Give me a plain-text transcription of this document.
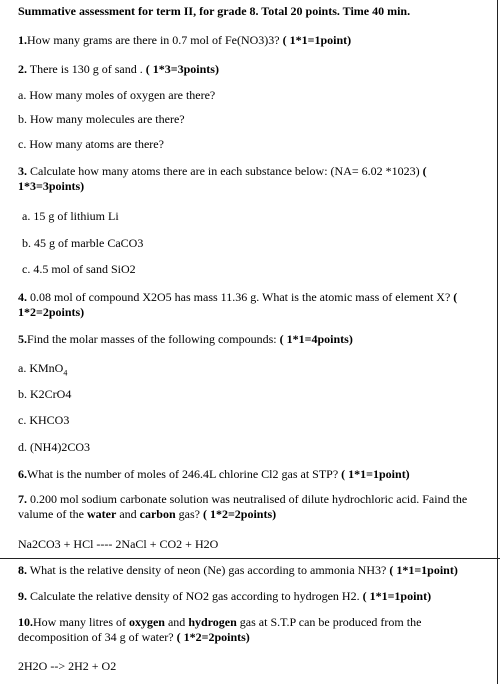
Summative assessment for term II, for grade 8. Total 20 points. Time 40 min.
1.How many grams are there in 0.7 mol of Fe(NO3)3? ( 1*1=1point)
2. There is 130 g of sand . ( 1*3=3points)
a. How many moles of oxygen are there?
b. How many molecules are there?
c. How many atoms are there?
3. Calculate how many atoms there are in each substance below: (NA= 6.02 *1023) ( 1*3=3points)
a. 15 g of lithium Li
b. 45 g of marble CaCO3
c. 4.5 mol of sand SiO2
4. 0.08 mol of compound X2O5 has mass 11.36 g. What is the atomic mass of element X? ( 1*2=2points)
5.Find the molar masses of the following compounds: ( 1*1=4points)
a. KMnO$_4$
b. K2CrO4
c. KHCO3
d. (NH4)2CO3
6.What is the number of moles of 246.4L chlorine Cl2 gas at STP? ( 1*1=1point)
7. 0.200 mol sodium carbonate solution was neutralised of dilute hydrochloric acid. Faind the valume of the water and carbon gas? ( 1*2=2points)
Na2CO3 + HCl ---- 2NaCl + CO2 + H2O
8. What is the relative density of neon (Ne) gas according to ammonia NH3? ( 1*1=1point)
9. Calculate the relative density of NO2 gas according to hydrogen H2. ( 1*1=1point)
10.How many litres of oxygen and hydrogen gas at S.T.P can be produced from the decomposition of 34 g of water? ( 1*2=2points)
2H2O --> 2H2 + O2
